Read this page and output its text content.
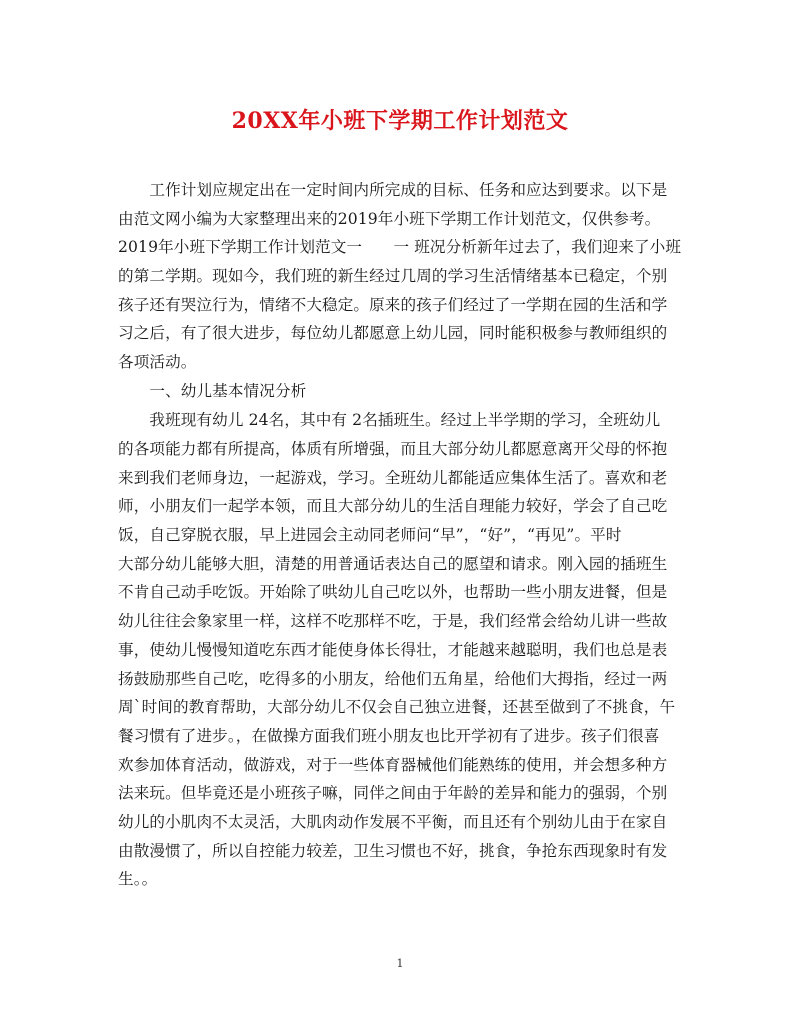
20XX年小班下学期工作计划范文
　　工作计划应规定出在一定时间内所完成的目标、任务和应达到要求。以下是
由范文网小编为大家整理出来的2019年小班下学期工作计划范文，仅供参考。
2019年小班下学期工作计划范文一　　一 班况分析新年过去了，我们迎来了小班
的第二学期。现如今，我们班的新生经过几周的学习生活情绪基本已稳定，个别
孩子还有哭泣行为，情绪不大稳定。原来的孩子们经过了一学期在园的生活和学
习之后，有了很大进步，每位幼儿都愿意上幼儿园，同时能积极参与教师组织的
各项活动。
　　一、幼儿基本情况分析
　　我班现有幼儿 24名，其中有 2名插班生。经过上半学期的学习，全班幼儿
的各项能力都有所提高，体质有所增强，而且大部分幼儿都愿意离开父母的怀抱
来到我们老师身边，一起游戏，学习。全班幼儿都能适应集体生活了。喜欢和老
师，小朋友们一起学本领，而且大部分幼儿的生活自理能力较好，学会了自己吃
饭，自己穿脱衣服，早上进园会主动同老师问“早”，“好”，“再见”。平时
大部分幼儿能够大胆，清楚的用普通话表达自己的愿望和请求。刚入园的插班生
不肯自己动手吃饭。开始除了哄幼儿自己吃以外，也帮助一些小朋友进餐，但是
幼儿往往会象家里一样，这样不吃那样不吃，于是，我们经常会给幼儿讲一些故
事，使幼儿慢慢知道吃东西才能使身体长得壮，才能越来越聪明，我们也总是表
扬鼓励那些自己吃，吃得多的小朋友，给他们五角星，给他们大拇指，经过一两
周`时间的教育帮助，大部分幼儿不仅会自己独立进餐，还甚至做到了不挑食，午
餐习惯有了进步。，在做操方面我们班小朋友也比开学初有了进步。孩子们很喜
欢参加体育活动，做游戏，对于一些体育器械他们能熟练的使用，并会想多种方
法来玩。但毕竟还是小班孩子嘛，同伴之间由于年龄的差异和能力的强弱，个别
幼儿的小肌肉不太灵活，大肌肉动作发展不平衡，而且还有个别幼儿由于在家自
由散漫惯了，所以自控能力较差，卫生习惯也不好，挑食，争抢东西现象时有发
生。。
1
